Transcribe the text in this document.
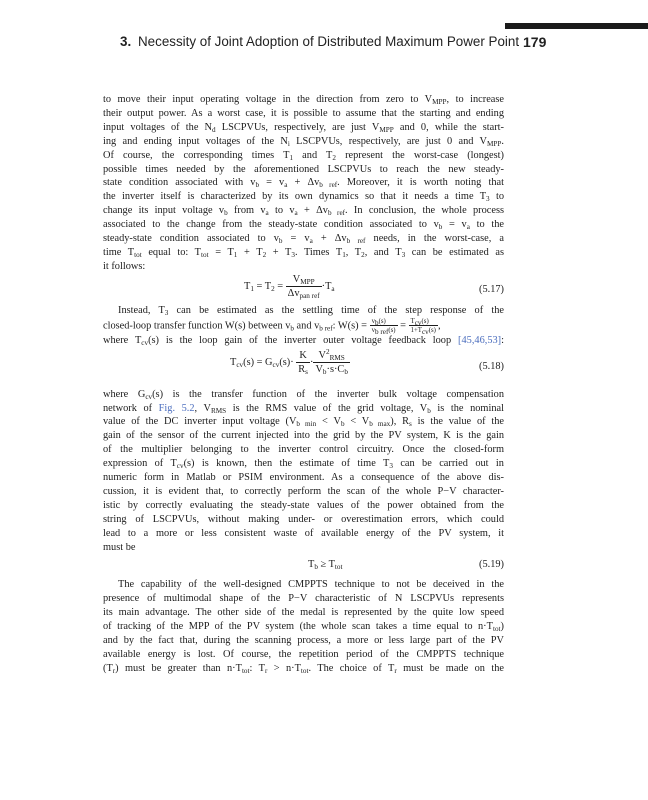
3. Necessity of Joint Adoption of Distributed Maximum Power Point 179

to move their input operating voltage in the direction from zero to $V_{MPP}$, to increase

their output power. As a worst case, it is possible to assume that the starting and ending

input voltages of the $N_d$ LSCPVUs, respectively, are just $V_{MPP}$ and 0, while the start-

ing and ending input voltages of the $N_i$ LSCPVUs, respectively, are just 0 and $V_{MPP}$.

Of course, the corresponding times $T_1$ and $T_2$ represent the worst-case (longest)

possible times needed by the aforementioned LSCPVUs to reach the new steady-

state condition associated with $v_b = v_a + \Delta v_{b ref}$. Moreover, it is worth noting that

the inverter itself is characterized by its own dynamics so that it needs a time $T_3$ to

change its input voltage $v_b$ from $v_a$ to $v_a + \Delta v_{b ref}$. In conclusion, the whole process

associated to the change from the steady-state condition associated to $v_b = v_a$ to the

steady-state condition associated to $v_b = v_a + \Delta v_{b ref}$ needs, in the worst-case, a

time $T_{tot}$ equal to: $T_{tot} = T_1 + T_2 + T_3$. Times $T_1$, $T_2$, and $T_3$ can be estimated as

it follows:

$T_1 = T_2 = \frac{V_{MPP}}{\Delta v_{pan ref}} \cdot T_a$	(5.17)

Instead, $T_3$ can be estimated as the settling time of the step response of the

closed-loop transfer function W(s) between $v_b$ and $v_{b ref}$: $W(s) = \frac{vb(s)}{\text{vb ref(s)}} = \frac{\text{Tcv(s)}}{\text{1+Tcv(s)}}$ ,

where $T_{cv}(s)$ is the loop gain of the inverter outer voltage feedback loop [45,46,53]:

$T_{cv}(s) = G_{cv}(s)\cdot \frac{K}{R_s} \cdot \frac{V^2_{RMS}}{V_b\cdot s\cdot C_b}$	(5.18)

where $G_{cv}(s)$ is the transfer function of the inverter bulk voltage compensation

network of Fig. 5.2, $V_{RMS}$ is the RMS value of the grid voltage, $V_b$ is the nominal

value of the DC inverter input voltage $(V_{b min} < V_b < V_{b max})$, $R_s$ is the value of the

gain of the sensor of the current injected into the grid by the PV system, K is the gain

of the multiplier belonging to the inverter control circuitry. Once the closed-form

expression of $T_{cv}(s)$ is known, then the estimate of time $T_3$ can be carried out in

numeric form in Matlab or PSIM environment. As a consequence of the above dis-

cussion, it is evident that, to correctly perform the scan of the whole P−V character-

istic by correctly evaluating the steady-state values of the power obtained from the

string of LSCPVUs, without making under- or overestimation errors, which could

lead to a more or less consistent waste of available energy of the PV system, it

must be

$T_b \ge T_{tot}$	(5.19)

The capability of the well-designed CMPPTS technique to not be deceived in the

presence of multimodal shape of the P−V characteristic of N LSCPVUs represents

its main advantage. The other side of the medal is represented by the quite low speed

of tracking of the MPP of the PV system (the whole scan takes a time equal to $n\cdot T_{tot}$)

and by the fact that, during the scanning process, a more or less large part of the PV

available energy is lost. Of course, the repetition period of the CMPPTS technique

$(T_r)$ must be greater than $n\cdot T_{tot}$: $T_r > n\cdot T_{tot}$. The choice of $T_r$ must be made on the
